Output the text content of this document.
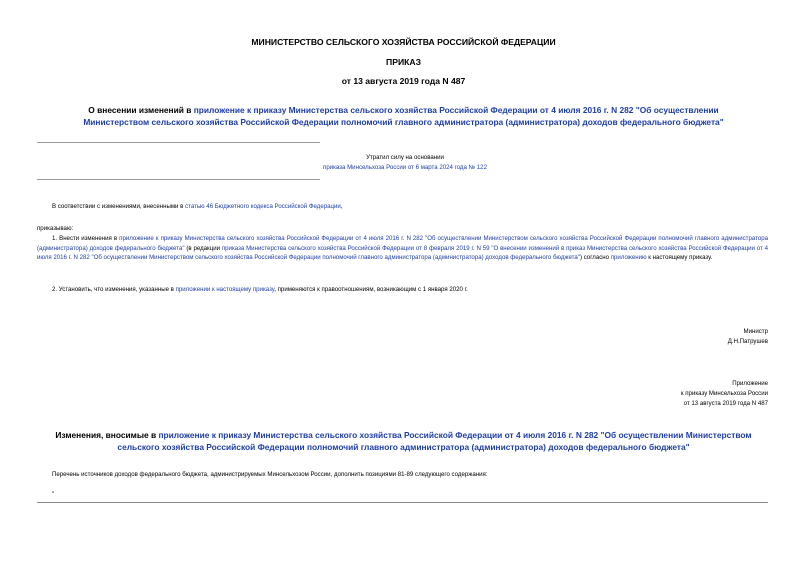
МИНИСТЕРСТВО СЕЛЬСКОГО ХОЗЯЙСТВА РОССИЙСКОЙ ФЕДЕРАЦИИ
ПРИКАЗ
от 13 августа 2019 года N 487
О внесении изменений в приложение к приказу Министерства сельского хозяйства Российской Федерации от 4 июля 2016 г. N 282 "Об осуществлении Министерством сельского хозяйства Российской Федерации полномочий главного администратора (администратора) доходов федерального бюджета"
Утратил силу на основании
приказа Минсельхоза России от 6 марта 2024 года № 122
В соответствии с изменениями, внесенными в статью 46 Бюджетного кодекса Российской Федерации,
приказываю:
1. Внести изменения в приложение к приказу Министерства сельского хозяйства Российской Федерации от 4 июля 2016 г. N 282 "Об осуществлении Министерством сельского хозяйства Российской Федерации полномочий главного администратора (администратора) доходов федерального бюджета" (в редакции приказа Министерства сельского хозяйства Российской Федерации от 8 февраля 2019 г. N 59 "О внесении изменений в приказ Министерства сельского хозяйства Российской Федерации от 4 июля 2016 г. N 282 "Об осуществлении Министерством сельского хозяйства Российской Федерации полномочий главного администратора (администратора) доходов федерального бюджета") согласно приложению к настоящему приказу.
2. Установить, что изменения, указанные в приложении к настоящему приказу, применяются к правоотношениям, возникающим с 1 января 2020 г.
Министр
Д.Н.Патрушев
Приложение
к приказу Минсельхоза России
от 13 августа 2019 года N 487
Изменения, вносимые в приложение к приказу Министерства сельского хозяйства Российской Федерации от 4 июля 2016 г. N 282 "Об осуществлении Министерством сельского хозяйства Российской Федерации полномочий главного администратора (администратора) доходов федерального бюджета"
Перечень источников доходов федерального бюджета, администрируемых Минсельхозом России, дополнить позициями 81-89 следующего содержания:
"
